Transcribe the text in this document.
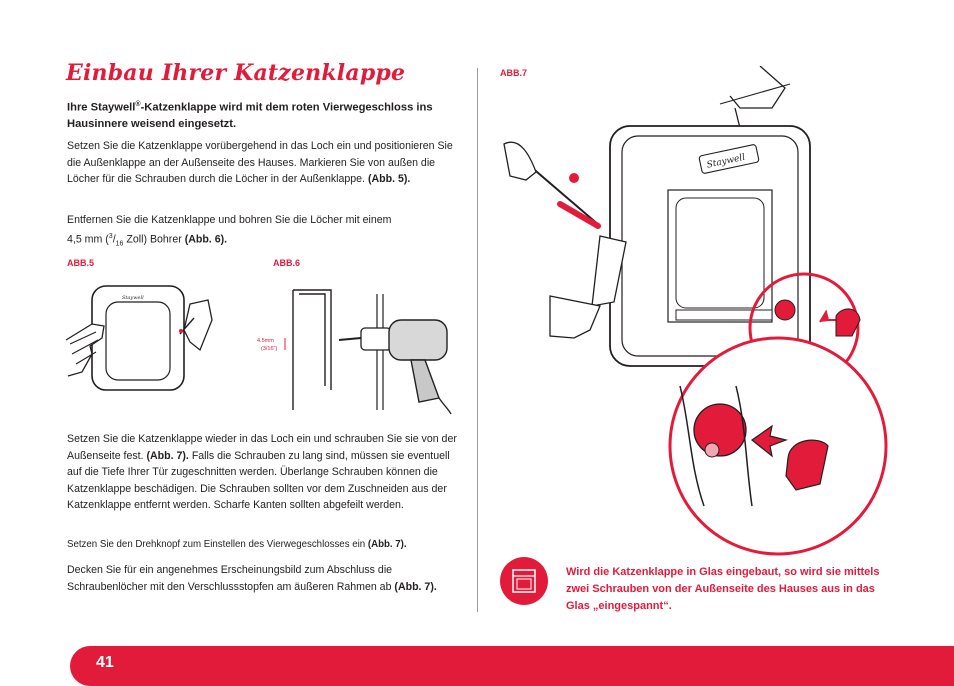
Einbau Ihrer Katzenklappe
Ihre Staywell®-Katzenklappe wird mit dem roten Vierwegeschloss ins Hausinnere weisend eingesetzt.
Setzen Sie die Katzenklappe vorübergehend in das Loch ein und positionieren Sie die Außenklappe an der Außenseite des Hauses. Markieren Sie von außen die Löcher für die Schrauben durch die Löcher in der Außenklappe. (Abb. 5).
Entfernen Sie die Katzenklappe und bohren Sie die Löcher mit einem
4,5 mm ($^3/_{16}$ Zoll) Bohrer (Abb. 6).
ABB.5	ABB.6
Staywell
4.5mm
(3/16")
Setzen Sie die Katzenklappe wieder in das Loch ein und schrauben Sie sie von der Außenseite fest. (Abb. 7). Falls die Schrauben zu lang sind, müssen sie eventuell auf die Tiefe Ihrer Tür zugeschnitten werden. Überlange Schrauben können die Katzenklappe beschädigen. Die Schrauben sollten vor dem Zuschneiden aus der Katzenklappe entfernt werden. Scharfe Kanten sollten abgefeilt werden.
Setzen Sie den Drehknopf zum Einstellen des Vierwegeschlosses ein (Abb. 7).
Decken Sie für ein angenehmes Erscheinungsbild zum Abschluss die Schraubenlöcher mit den Verschlussstopfen am äußeren Rahmen ab (Abb. 7).
ABB.7
Staywell
Wird die Katzenklappe in Glas eingebaut, so wird sie mittels zwei Schrauben von der Außenseite des Hauses aus in das Glas „eingespannt“.
41
